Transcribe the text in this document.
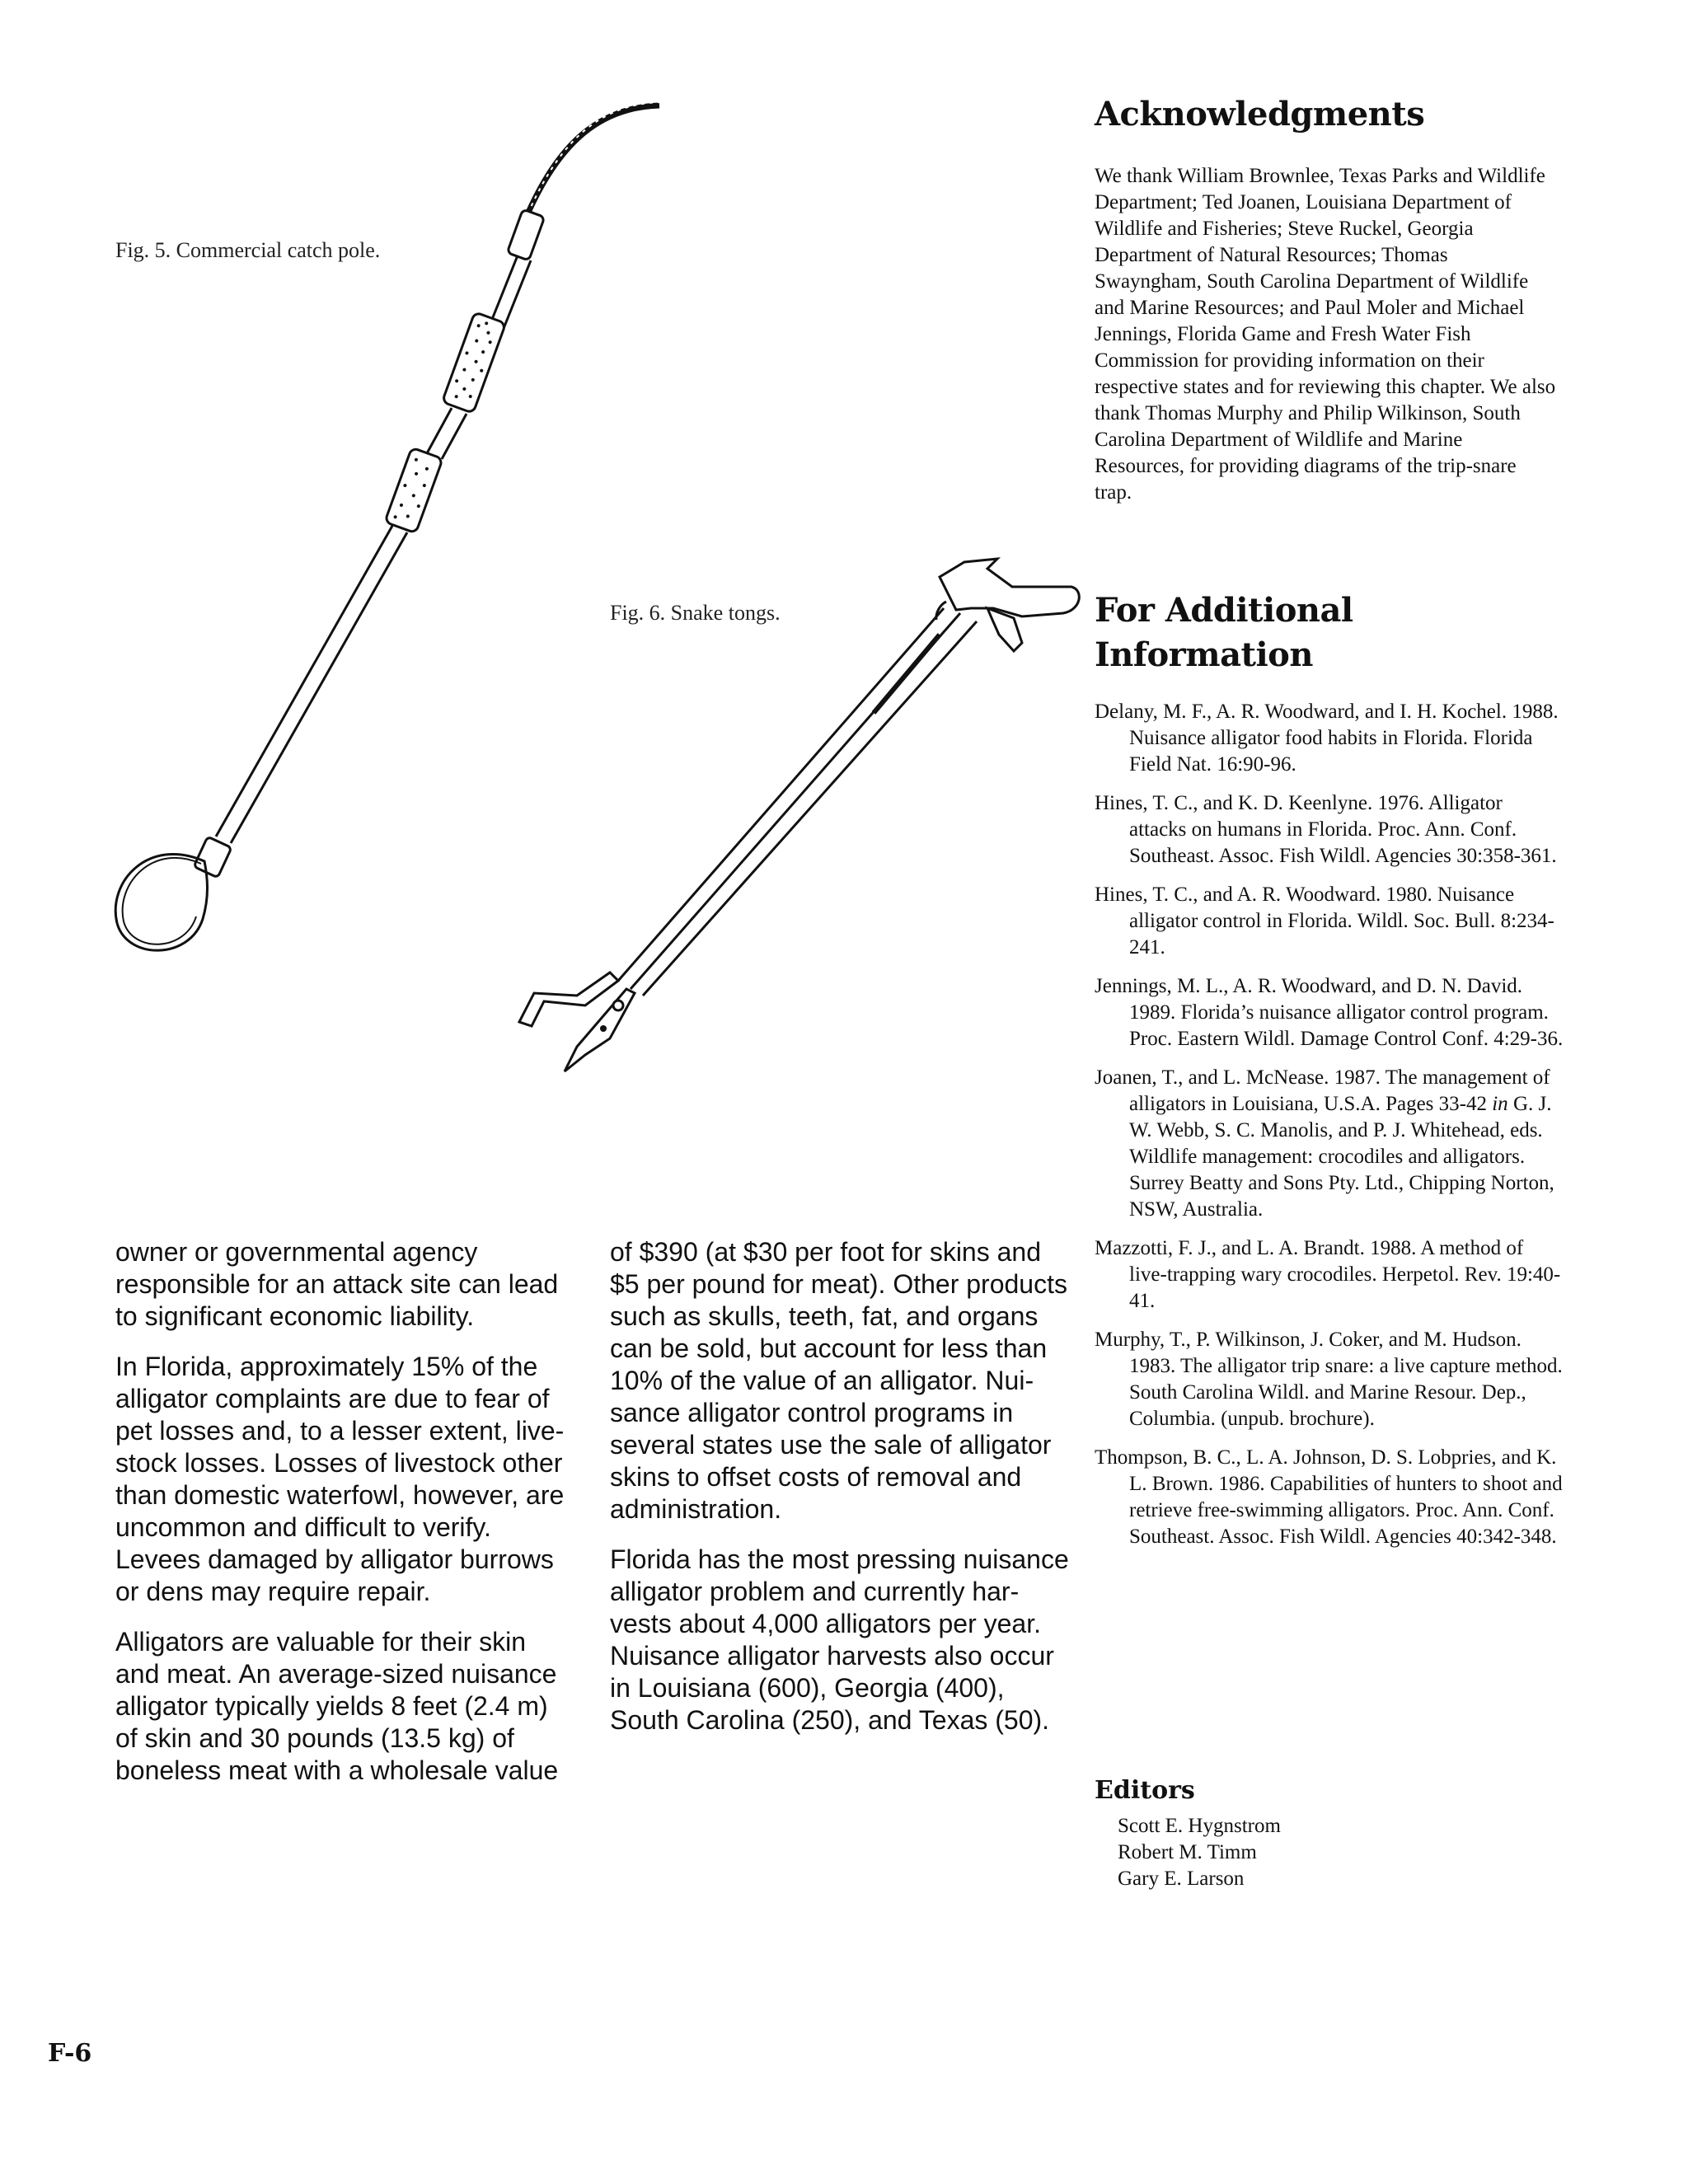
Fig. 5. Commercial catch pole.
Fig. 6. Snake tongs.
Acknowledgments

We thank William Brownlee, Texas Parks and Wildlife Department; Ted Joanen, Louisiana Department of Wildlife and Fisheries; Steve Ruckel, Georgia Department of Natural Resources; Thomas Swayngham, South Carolina Department of Wildlife and Marine Resources; and Paul Moler and Michael Jennings, Florida Game and Fresh Water Fish Commission for providing information on their respective states and for reviewing this chapter. We also thank Thomas Murphy and Philip Wilkinson, South Carolina Department of Wildlife and Marine Resources, for providing diagrams of the trip-snare trap.

For Additional
Information
Delany, M. F., A. R. Woodward, and I. H. Kochel. 1988. Nuisance alligator food habits in Florida. Florida Field Nat. 16:90-96.
Hines, T. C., and K. D. Keenlyne. 1976. Alligator attacks on humans in Florida. Proc. Ann. Conf. Southeast. Assoc. Fish Wildl. Agencies 30:358-361.
Hines, T. C., and A. R. Woodward. 1980. Nuisance alligator control in Florida. Wildl. Soc. Bull. 8:234-241.
Jennings, M. L., A. R. Woodward, and D. N. David. 1989. Florida’s nuisance alligator control program. Proc. Eastern Wildl. Damage Control Conf. 4:29-36.
Joanen, T., and L. McNease. 1987. The management of alligators in Louisiana, U.S.A. Pages 33-42 in G. J. W. Webb, S. C. Manolis, and P. J. Whitehead, eds. Wildlife management: crocodiles and alligators. Surrey Beatty and Sons Pty. Ltd., Chipping Norton, NSW, Australia.
Mazzotti, F. J., and L. A. Brandt. 1988. A method of live-trapping wary crocodiles. Herpetol. Rev. 19:40-41.
Murphy, T., P. Wilkinson, J. Coker, and M. Hudson. 1983. The alligator trip snare: a live capture method. South Carolina Wildl. and Marine Resour. Dep., Columbia. (unpub. brochure).
Thompson, B. C., L. A. Johnson, D. S. Lobpries, and K. L. Brown. 1986. Capabilities of hunters to shoot and retrieve free-swimming alligators. Proc. Ann. Conf. Southeast. Assoc. Fish Wildl. Agencies 40:342-348.
Editors
Scott E. Hygnstrom
Robert M. Timm
Gary E. Larson

owner or governmental agency responsible for an attack site can lead to significant economic liability.

In Florida, approximately 15% of the alligator complaints are due to fear of pet losses and, to a lesser extent, live-stock losses. Losses of livestock other than domestic waterfowl, however, are uncommon and difficult to verify. Levees damaged by alligator burrows or dens may require repair.

Alligators are valuable for their skin and meat. An average-sized nuisance alligator typically yields 8 feet (2.4 m) of skin and 30 pounds (13.5 kg) of boneless meat with a wholesale value

of $390 (at $30 per foot for skins and $5 per pound for meat). Other products such as skulls, teeth, fat, and organs can be sold, but account for less than 10% of the value of an alligator. Nui-sance alligator control programs in several states use the sale of alligator skins to offset costs of removal and administration.

Florida has the most pressing nuisance alligator problem and currently har-vests about 4,000 alligators per year. Nuisance alligator harvests also occur in Louisiana (600), Georgia (400), South Carolina (250), and Texas (50).

F-6
